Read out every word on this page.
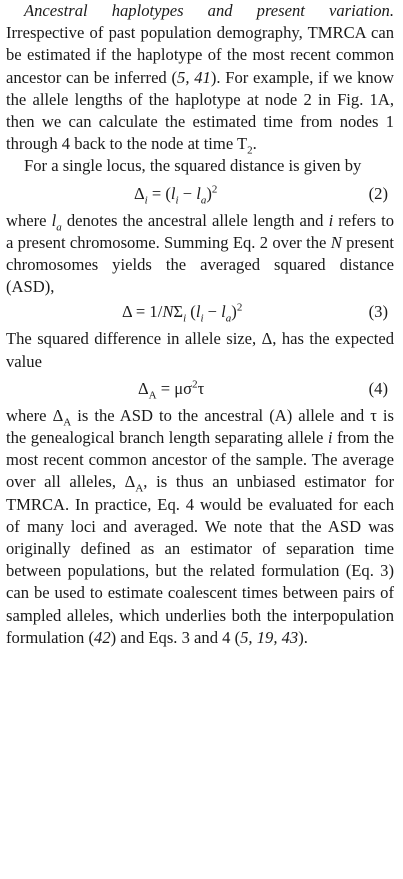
Ancestral haplotypes and present variation. Irrespective of past population demography, TMRCA can be estimated if the haplotype of the most recent common ancestor can be inferred (5, 41). For example, if we know the allele lengths of the haplotype at node 2 in Fig. 1A, then we can calculate the estimated time from nodes 1 through 4 back to the node at time $T_2$.

For a single locus, the squared distance is given by

$\Delta_i = (l_i - l_a)^2$	(2)

where $l_a$ denotes the ancestral allele length and i refers to a present chromosome. Summing Eq. 2 over the N present chromosomes yields the averaged squared distance (ASD),

$\Delta = 1/N\Sigma_i$ $(l_i - l_a)^2$	(3)

The squared difference in allele size, Δ, has the expected value

$\Delta_A = \mu\sigma^2\tau$	(4)

where $\Delta_A$ is the ASD to the ancestral (A) allele and τ is the genealogical branch length separating allele i from the most recent common ancestor of the sample. The average over all alleles, $\Delta_A$, is thus an unbiased estimator for TMRCA. In practice, Eq. 4 would be evaluated for each of many loci and averaged. We note that the ASD was originally defined as an estimator of separation time between populations, but the related formulation (Eq. 3) can be used to estimate coalescent times between pairs of sampled alleles, which underlies both the interpopulation formulation (42) and Eqs. 3 and 4 (5, 19, 43).
